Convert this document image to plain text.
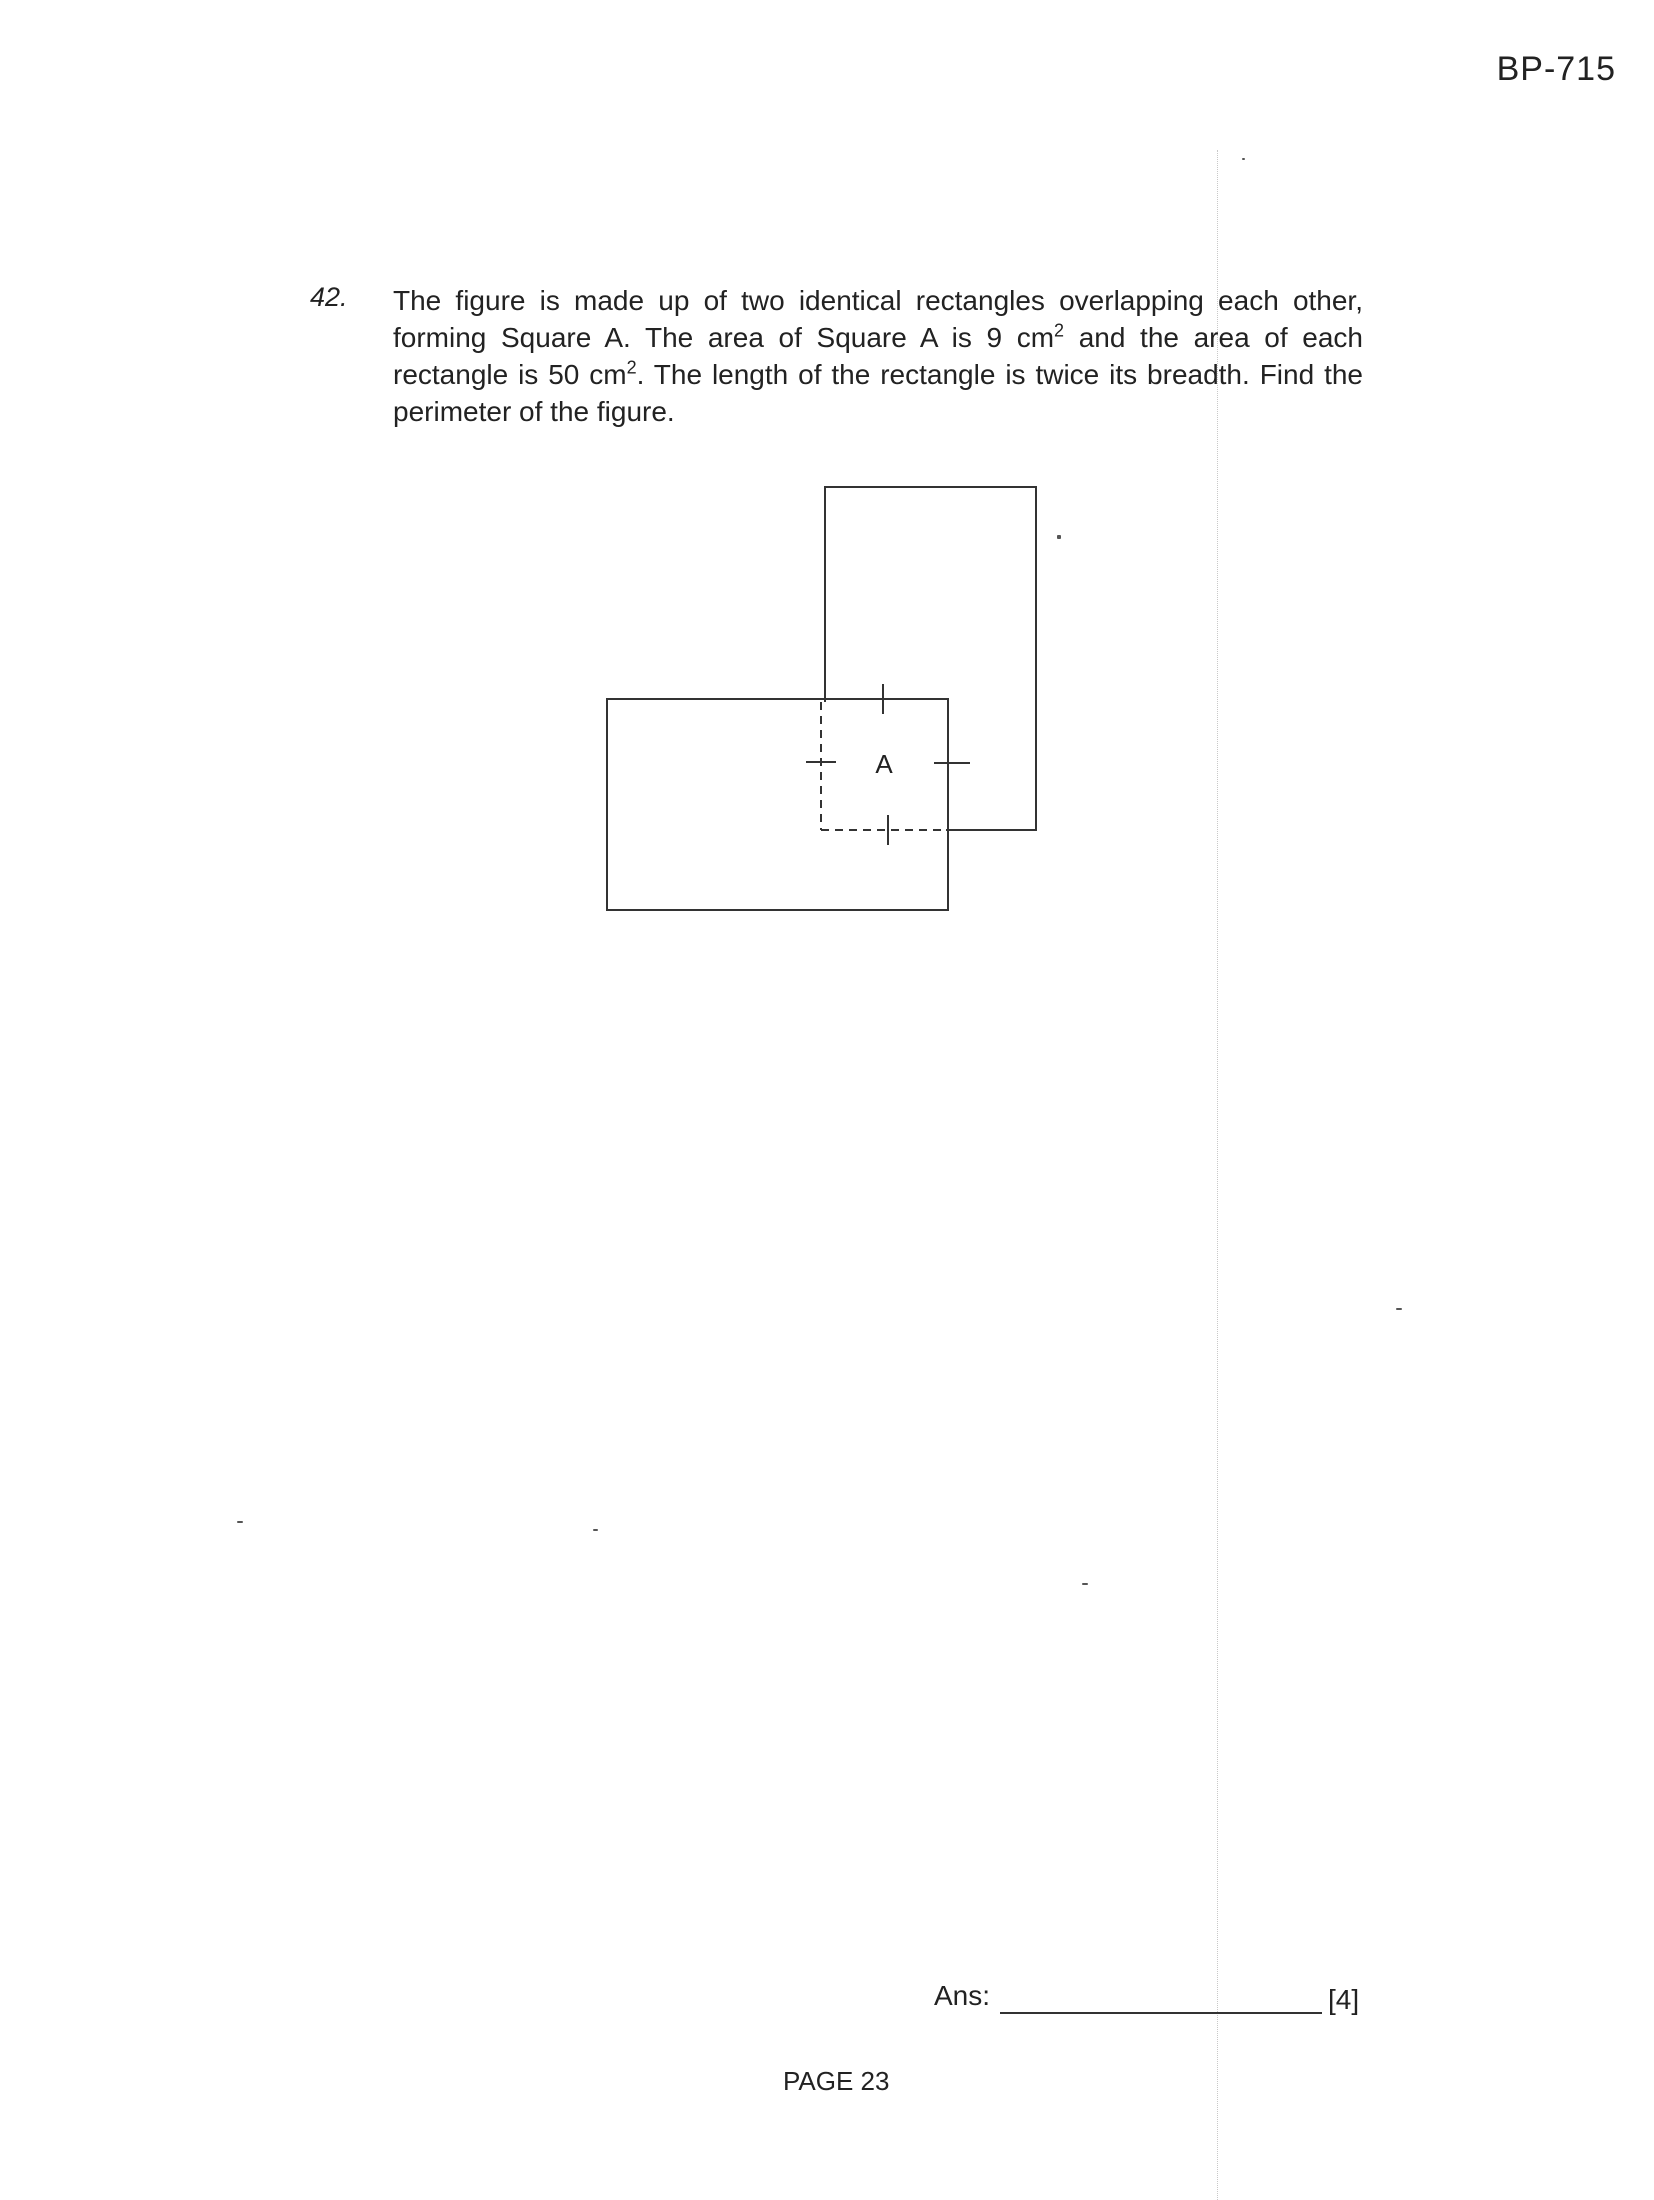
BP-715
42. The figure is made up of two identical rectangles overlapping each other, forming Square A. The area of Square A is 9 $cm^2$ and the area of each rectangle is 50 $cm^2$. The length of the rectangle is twice its breadth. Find the perimeter of the figure.
A
Ans:	[4]
PAGE 23
